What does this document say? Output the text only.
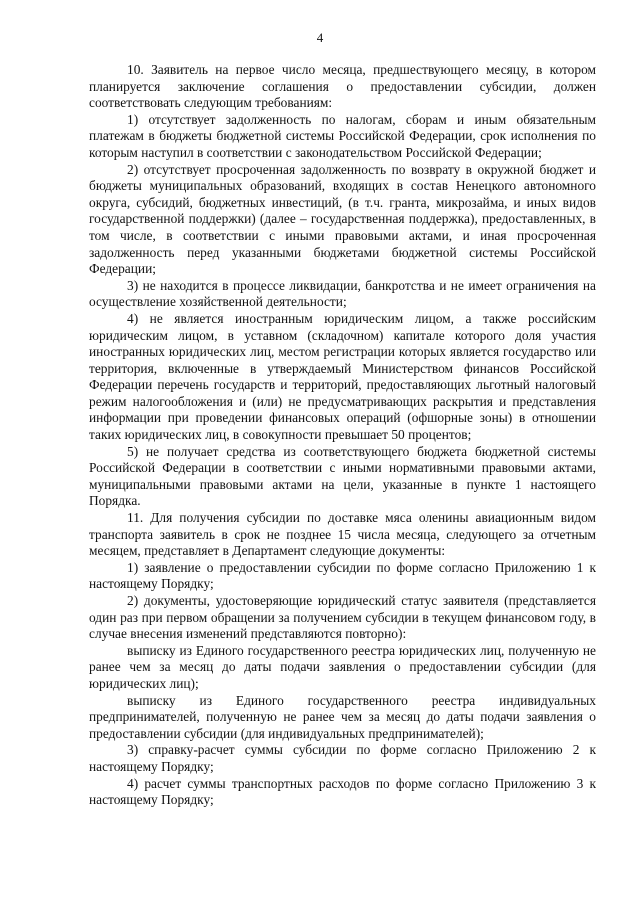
4

10. Заявитель на первое число месяца, предшествующего месяцу, в котором планируется заключение соглашения о предоставлении субсидии, должен соответствовать следующим требованиям:

1) отсутствует задолженность по налогам, сборам и иным обязательным платежам в бюджеты бюджетной системы Российской Федерации, срок исполнения по которым наступил в соответствии с законодательством Российской Федерации;

2) отсутствует просроченная задолженность по возврату в окружной бюджет и бюджеты муниципальных образований, входящих в состав Ненецкого автономного округа, субсидий, бюджетных инвестиций, (в т.ч. гранта, микрозайма, и иных видов государственной поддержки) (далее – государственная поддержка), предоставленных, в том числе, в соответствии с иными правовыми актами, и иная просроченная задолженность перед указанными бюджетами бюджетной системы Российской Федерации;

3) не находится в процессе ликвидации, банкротства и не имеет ограничения на осуществление хозяйственной деятельности;

4) не является иностранным юридическим лицом, а также российским юридическим лицом, в уставном (складочном) капитале которого доля участия иностранных юридических лиц, местом регистрации которых является государство или территория, включенные в утверждаемый Министерством финансов Российской Федерации перечень государств и территорий, предоставляющих льготный налоговый режим налогообложения и (или) не предусматривающих раскрытия и представления информации при проведении финансовых операций (офшорные зоны) в отношении таких юридических лиц, в совокупности превышает 50 процентов;

5) не получает средства из соответствующего бюджета бюджетной системы Российской Федерации в соответствии с иными нормативными правовыми актами, муниципальными правовыми актами на цели, указанные в пункте 1 настоящего Порядка.

11. Для получения субсидии по доставке мяса оленины авиационным видом транспорта заявитель в срок не позднее 15 числа месяца, следующего за отчетным месяцем, представляет в Департамент следующие документы:

1) заявление о предоставлении субсидии по форме согласно Приложению 1 к настоящему Порядку;

2) документы, удостоверяющие юридический статус заявителя (представляется один раз при первом обращении за получением субсидии в текущем финансовом году, в случае внесения изменений представляются повторно):

выписку из Единого государственного реестра юридических лиц, полученную не ранее чем за месяц до даты подачи заявления о предоставлении субсидии (для юридических лиц);

выписку из Единого государственного реестра индивидуальных предпринимателей, полученную не ранее чем за месяц до даты подачи заявления о предоставлении субсидии (для индивидуальных предпринимателей);

3) справку-расчет суммы субсидии по форме согласно Приложению 2 к настоящему Порядку;

4) расчет суммы транспортных расходов по форме согласно Приложению 3 к настоящему Порядку;
